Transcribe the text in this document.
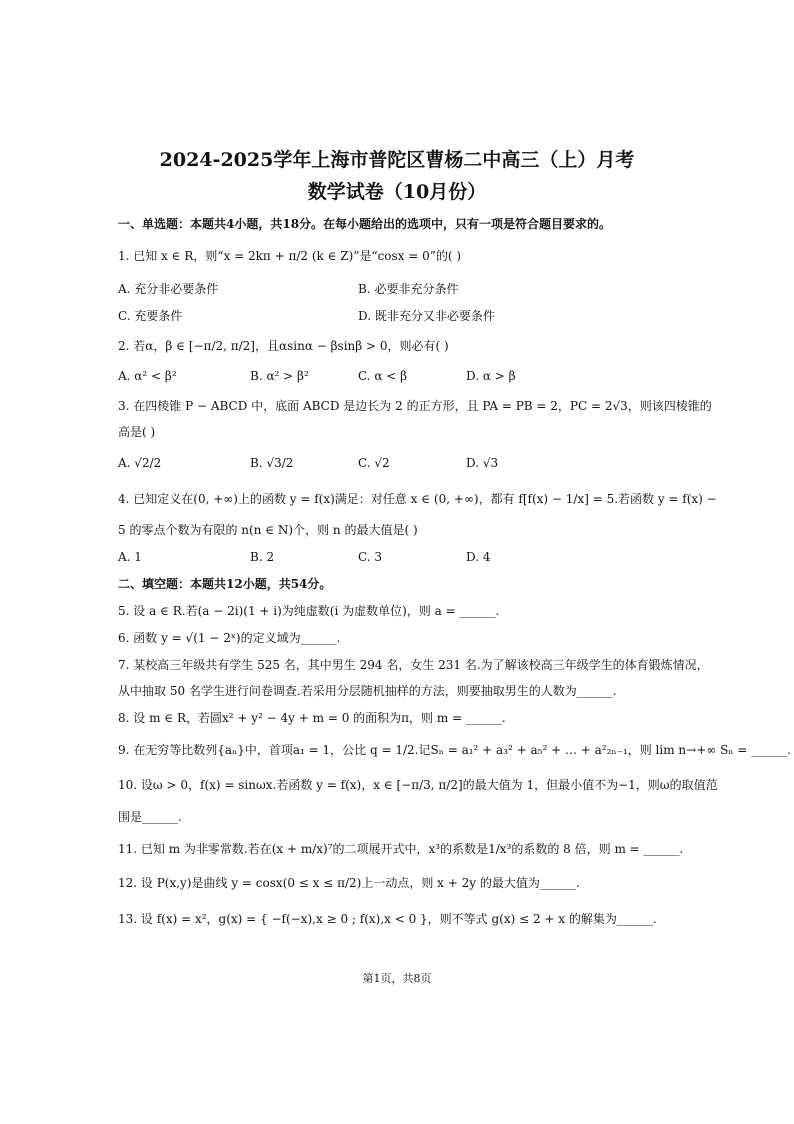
2024-2025学年上海市普陀区曹杨二中高三（上）月考
数学试卷（10月份）
一、单选题：本题共4小题，共18分。在每小题给出的选项中，只有一项是符合题目要求的。
1. 已知 x ∈ R，则“x = 2kπ + π/2 (k ∈ Z)”是“cosx = 0”的( )
A. 充分非必要条件	B. 必要非充分条件
C. 充要条件	D. 既非充分又非必要条件
2. 若α，β ∈ [−π/2, π/2]，且αsinα − βsinβ > 0，则必有( )
A. α² < β²	B. α² > β²	C. α < β	D. α > β
3. 在四棱锥 P − ABCD 中，底面 ABCD 是边长为 2 的正方形，且 PA = PB = 2，PC = 2√3，则该四棱锥的
高是( )
A. √2/2	B. √3/2	C. √2	D. √3
4. 已知定义在(0, +∞)上的函数 y = f(x)满足：对任意 x ∈ (0, +∞)，都有 f[f(x) − 1/x] = 5.若函数 y = f(x) −
5 的零点个数为有限的 n(n ∈ N)个，则 n 的最大值是( )
A. 1	B. 2	C. 3	D. 4
二、填空题：本题共12小题，共54分。
5. 设 a ∈ R.若(a − 2i)(1 + i)为纯虚数(i 为虚数单位)，则 a = ______.
6. 函数 y = √(1 − 2ˣ)的定义域为______.
7. 某校高三年级共有学生 525 名，其中男生 294 名，女生 231 名.为了解该校高三年级学生的体育锻炼情况，
从中抽取 50 名学生进行问卷调查.若采用分层随机抽样的方法，则要抽取男生的人数为______.
8. 设 m ∈ R，若圆x² + y² − 4y + m = 0 的面积为π，则 m = ______.
9. 在无穷等比数列{aₙ}中，首项a₁ = 1，公比 q = 1/2.记Sₙ = a₁² + a₃² + a₅² + … + a²₂ₙ₋₁，则 lim n→+∞ Sₙ = ______.
10. 设ω > 0，f(x) = sinωx.若函数 y = f(x)，x ∈ [−π/3, π/2]的最大值为 1，但最小值不为−1，则ω的取值范
围是______.
11. 已知 m 为非零常数.若在(x + m/x)⁷的二项展开式中，x³的系数是1/x³的系数的 8 倍，则 m = ______.
12. 设 P(x,y)是曲线 y = cosx(0 ≤ x ≤ π/2)上一动点，则 x + 2y 的最大值为______.
13. 设 f(x) = x²，g(x) = { −f(−x),x ≥ 0 ; f(x),x < 0 }，则不等式 g(x) ≤ 2 + x 的解集为______.
第1页，共8页
